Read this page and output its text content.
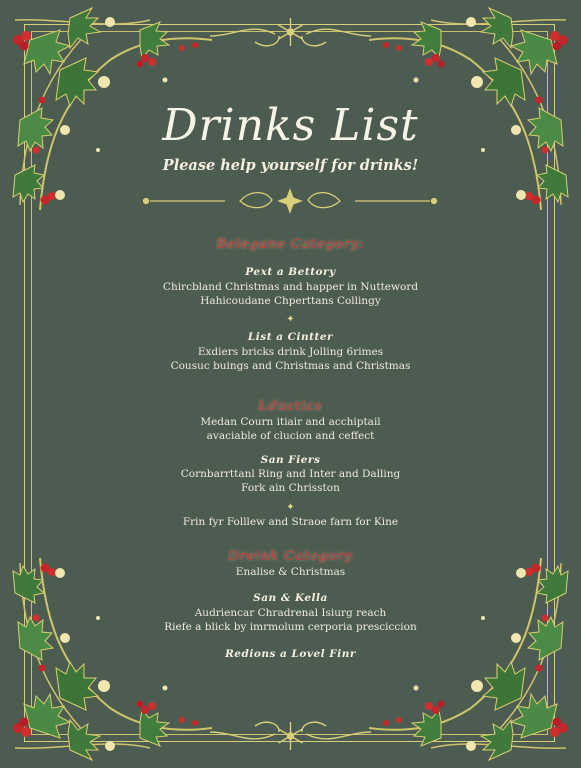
Drinks List
Please help yourself for drinks!
Belegane Category:
Pext a Bettory
Chircbland Christmas and happer in Nutteword
Hahicoudane Chperttans Collingy
✦
List a Cintter
Exdiers bricks drink Jolling 6rimes
Cousuc buings and Christmas and Christmas
Lductics
Medan Courn itiair and acchiptail
avaciable of clucion and ceffect
San Fiers
Cornbarrttanl Ring and Inter and Dalling
Fork ain Chrisston
✦
Frin fyr Folllew and Straoe farn for Kine
Dreink Category
Enalise & Christmas
San & Kella
Audriencar Chradrenal Isiurg reach
Riefe a blick by imrmolum cerporia presciccion
Redions a Lovel Finr
